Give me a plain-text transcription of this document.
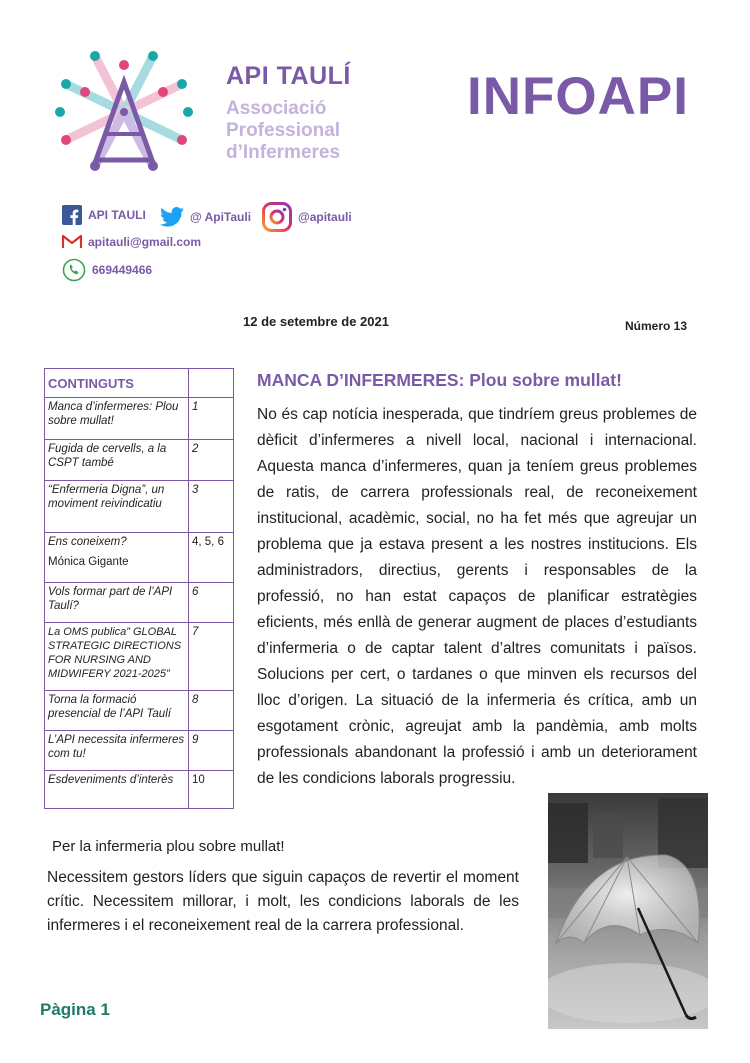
API TAULÍ
Associació
Professional
d’Infermeres
INFOAPI
API TAULI	@ ApiTauli	@apitauli
apitauli@gmail.com
669449466
12 de setembre de 2021	Número 13
CONTINGUTS	
Manca d’infermeres: Plou sobre mullat!	1
Fugida de cervells, a la CSPT també	2
“Enfermeria Digna”, un moviment reivindicatiu	3

Ens coneixem?
Mónica Gigante	4, 5, 6
Vols formar part de l’API Taulí?	6
La OMS publica” GLOBAL STRATEGIC DIRECTIONS FOR NURSING AND MIDWIFERY 2021-2025”	7
Torna la formació presencial de l’API Taulí	8
L’API necessita infermeres com tu!	9
Esdeveniments d’interès	10
MANCA D’INFERMERES: Plou sobre mullat!
No és cap notícia inesperada, que tindríem greus problemes de dèficit d’infermeres a nivell local, nacional i internacional. Aquesta manca d’infermeres, quan ja teníem greus problemes de ratis, de carrera professionals real, de reconeixement institucional, acadèmic, social, no ha fet més que agreujar un problema que ja estava present a les nostres institucions. Els administradors, directius, gerents i responsables de la professió, no han estat capaços de planificar estratègies eficients, més enllà de generar augment de places d’estudiants d’infermeria o de captar talent d’altres comunitats i països. Solucions per cert, o tardanes o que minven els recursos del lloc d’origen. La situació de la infermeria és crítica, amb un esgotament crònic, agreujat amb la pandèmia, amb molts professionals abandonant la professió i amb un deteriorament de les condicions laborals progressiu.
Per la infermeria plou sobre mullat!
Necessitem gestors líders que siguin capaços de revertir el moment crític. Necessitem millorar, i molt, les condicions laborals de les infermeres i el reconeixement real de la carrera professional.
Pàgina 1
